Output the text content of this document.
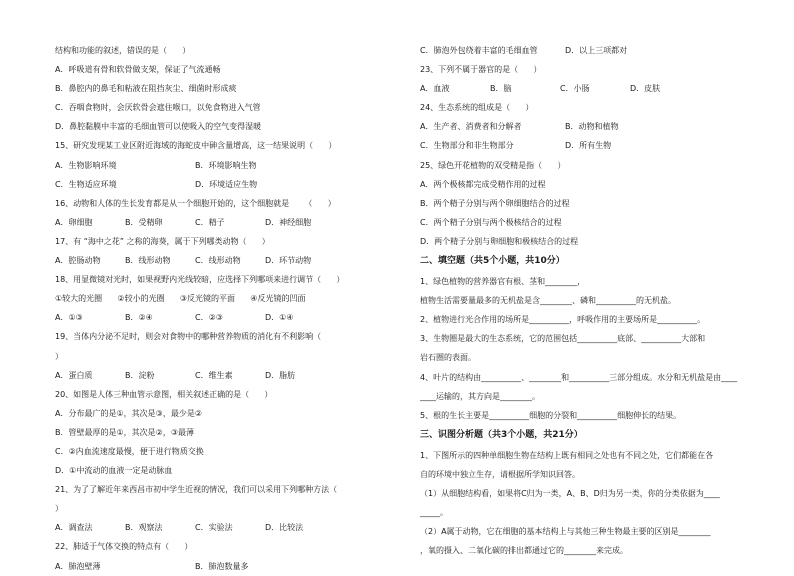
结构和功能的叙述，错误的是（      ）
A．呼吸道有骨和软骨做支架，保证了气流通畅
B．鼻腔内的鼻毛和粘液在阻挡灰尘、细菌时形成痰
C．吞咽食物时，会厌软骨会遮住喉口，以免食物进入气管
D．鼻腔黏膜中丰富的毛细血管可以使吸入的空气变得湿暖
15、研究发现某工业区附近海域的海蛇皮中砷含量增高，这一结果说明（      ）
A．生物影响环境	B．环境影响生物
C．生物适应环境	D．环境适应生物
16、动物和人体的生长发育都是从一个细胞开始的，这个细胞就是      （      ）
A．卵细胞	B．受精卵	C．精子	D．神经细胞
17、有 “海中之花” 之称的海葵，属于下列哪类动物（      ）
A．腔肠动物	B．线形动物	C．线形动物	D．环节动物
18、用显微镜对光时，如果视野内光线较暗，应选择下列哪项来进行调节（      ）
①较大的光圈      ②较小的光圈      ③反光镜的平面      ④反光镜的凹面
A．①③	B．②④	C．②③	D．①④
19、当体内分泌不足时，则会对食物中的哪种营养物质的消化有不利影响（
）
A．蛋白质	B．淀粉	C．维生素	D．脂肪
20、如图是人体三种血管示意图，相关叙述正确的是（      ）
A．分布最广的是①，其次是③，最少是②
B．管壁最厚的是①，其次是②，③最薄
C．②内血流速度最慢，便于进行物质交换
D．①中流动的血液一定是动脉血
21、为了了解近年来西昌市初中学生近视的情况，我们可以采用下列哪种方法（
）
A．调查法	B．观察法	C．实验法	D．比较法
22、肺适于气体交换的特点有（      ）
A．肺泡壁薄	B．肺泡数量多
C．肺泡外包绕着丰富的毛细血管	D．以上三项都对
23、下列不属于器官的是（      ）
A．血液	B．脑	C．小肠	D．皮肤
24、生态系统的组成是（      ）
A．生产者、消费者和分解者	B．动物和植物
C．生物部分和非生物部分	D．所有生物
25、绿色开花植物的双受精是指（      ）
A．两个极核都完成受精作用的过程
B．两个精子分别与两个卵细胞结合的过程
C．两个精子分别与两个极核结合的过程
D．两个精子分别与卵细胞和极核结合的过程
二、填空题（共5个小题，共10分）
1、绿色植物的营养器官有根、茎和________，
植物生活需要量最多的无机盐是含________、磷和__________的无机盐。
2、植物进行光合作用的场所是__________，呼吸作用的主要场所是__________。
3、生物圈是最大的生态系统，它的范围包括__________底部、__________大部和
岩石圈的表面。
4、叶片的结构由__________、________和__________三部分组成。水分和无机盐是由____
____运输的，其方向是________。
5、根的生长主要是__________细胞的分裂和__________细胞伸长的结果。
三、识图分析题（共3个小题，共21分）
1、下图所示的四种单细胞生物在结构上既有相同之处也有不同之处，它们都能在各
自的环境中独立生存，请根据所学知识回答。
（1）从细胞结构看，如果将C归为一类，A、B、D归为另一类，你的分类依据为____
_____。
（2）A属于动物，它在细胞的基本结构上与其他三种生物最主要的区别是________
，氧的摄入、二氧化碳的排出都通过它的________来完成。
